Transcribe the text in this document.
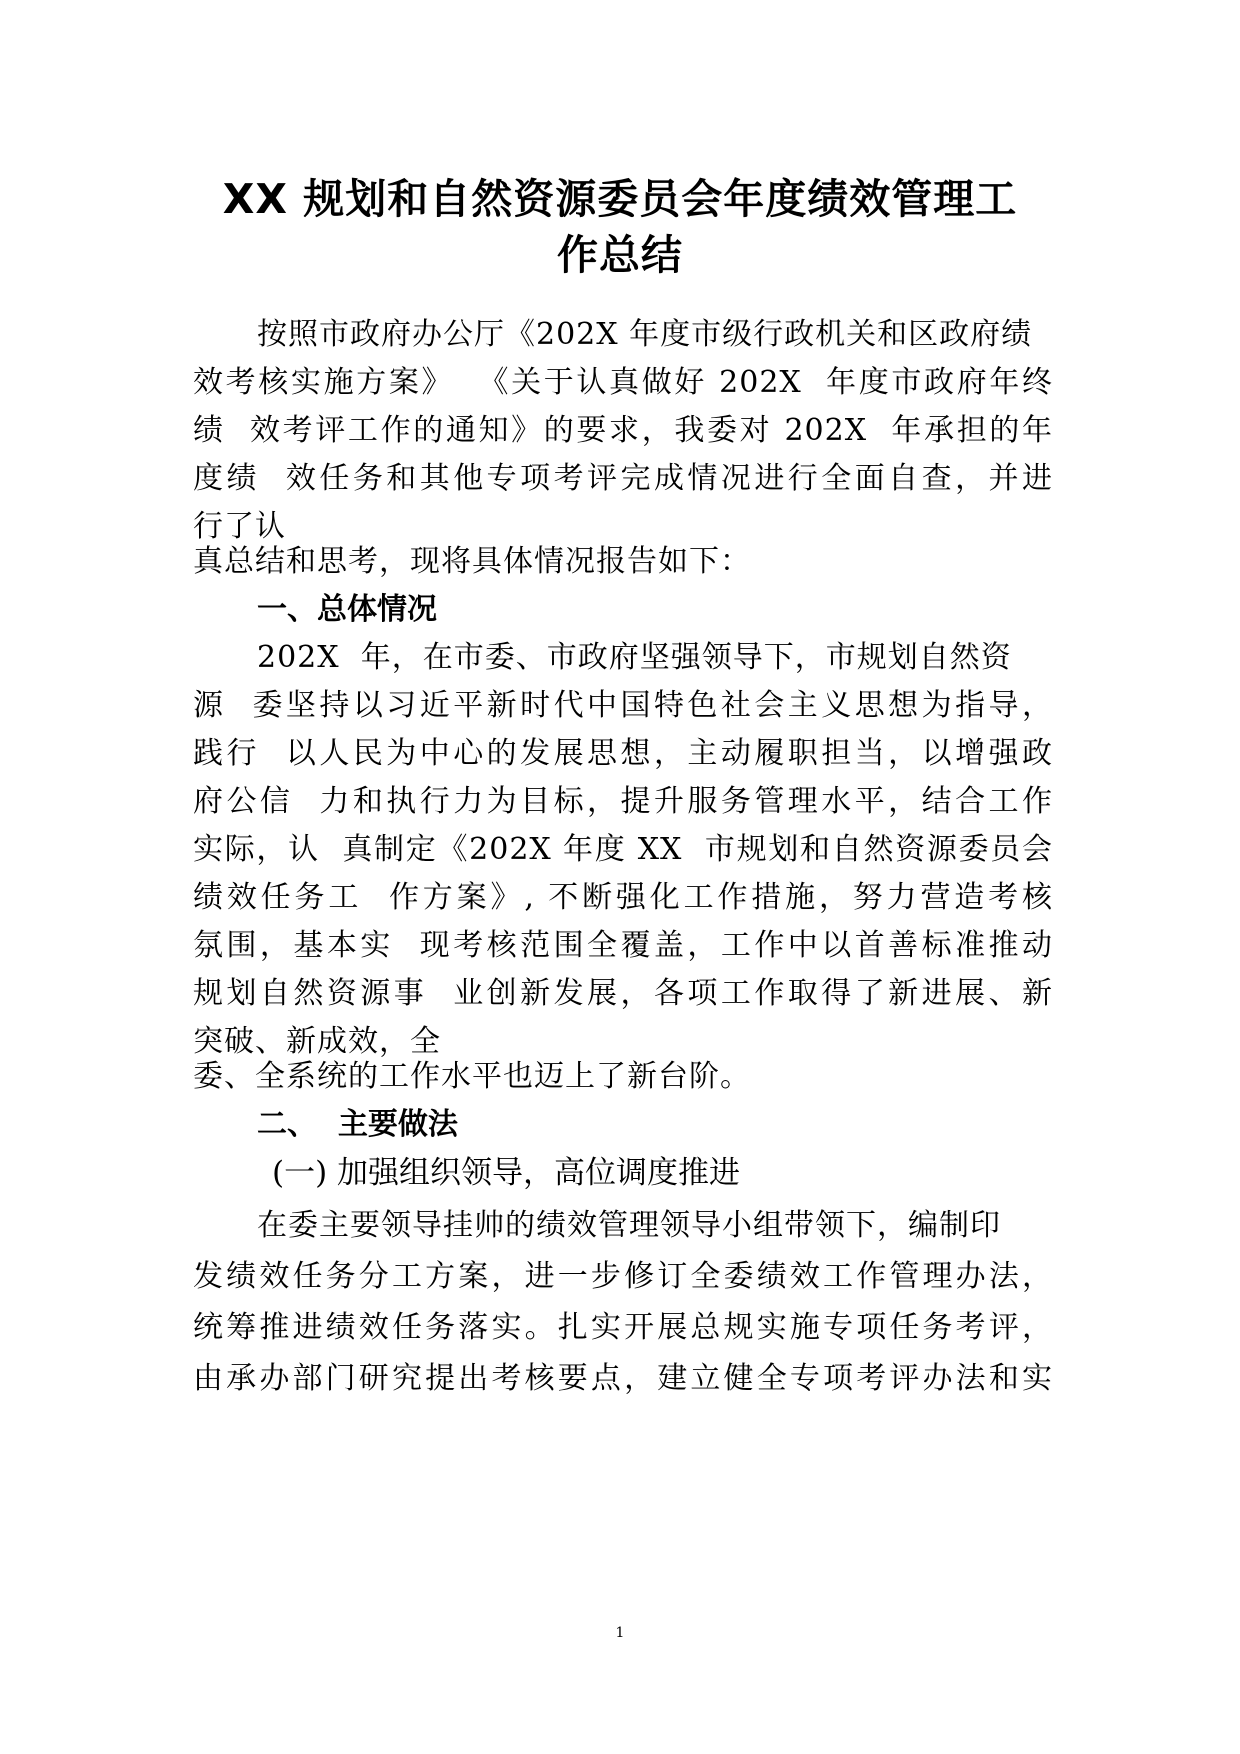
XX 规划和自然资源委员会年度绩效管理工
作总结
按照市政府办公厅《202X 年度市级行政机关和区政府绩
效考核实施方案》  《关于认真做好 202X  年度市政府年终
绩  效考评工作的通知》的要求，我委对 202X  年承担的年
度绩  效任务和其他专项考评完成情况进行全面自查，并进
行了认
真总结和思考，现将具体情况报告如下：
一、总体情况
202X  年，在市委、市政府坚强领导下，市规划自然资
源  委坚持以习近平新时代中国特色社会主义思想为指导，
践行  以人民为中心的发展思想，主动履职担当，以增强政
府公信  力和执行力为目标，提升服务管理水平，结合工作
实际，认  真制定《202X 年度 XX  市规划和自然资源委员会
绩效任务工  作方案》, 不断强化工作措施，努力营造考核
氛围，基本实  现考核范围全覆盖，工作中以首善标准推动
规划自然资源事  业创新发展，各项工作取得了新进展、新
突破、新成效，全
委、全系统的工作水平也迈上了新台阶。
二、  主要做法
(一) 加强组织领导，高位调度推进
在委主要领导挂帅的绩效管理领导小组带领下，编制印
发绩效任务分工方案，进一步修订全委绩效工作管理办法，
统筹推进绩效任务落实。扎实开展总规实施专项任务考评，
由承办部门研究提出考核要点，建立健全专项考评办法和实
1
